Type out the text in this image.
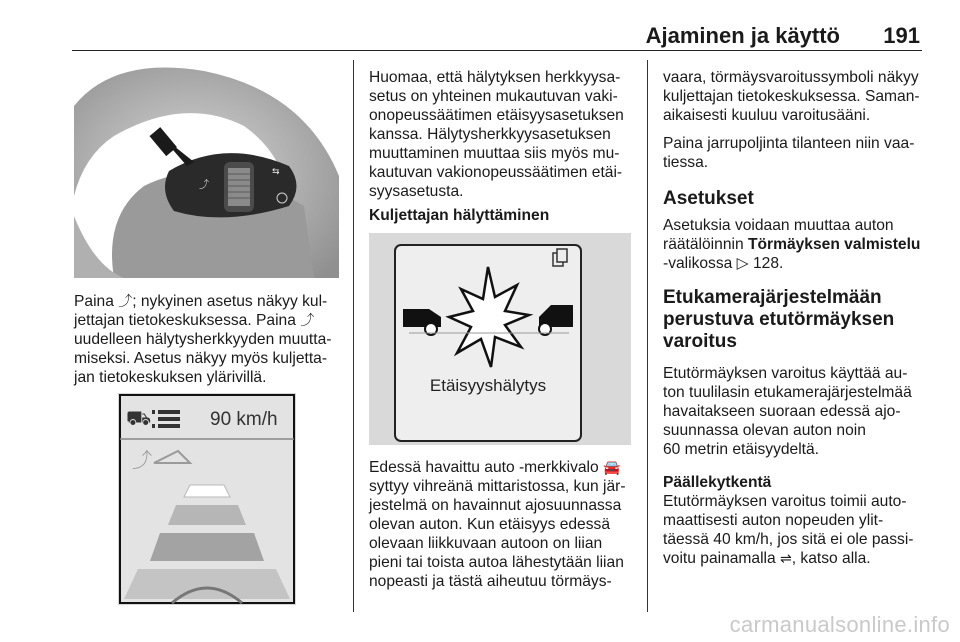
Ajaminen ja käyttö 191
⤴
⇆

Paina ⤴; nykyinen asetus näkyy kul-jettajan tietokeskuksessa. Paina ⤴ uudelleen hälytysherkkyyden muutta-miseksi. Asetus näkyy myös kuljetta-jan tietokeskuksen ylärivillä.

⛟	90 km/h
⤴

Huomaa, että hälytyksen herkkyysa-setus on yhteinen mukautuvan vaki-onopeussäätimen etäisyysasetuksen kanssa. Hälytysherkkyysasetuksen muuttaminen muuttaa siis myös mu-kautuvan vakionopeussäätimen etäi-syysasetusta.

Kuljettajan hälyttäminen

Etäisyyshälytys

Edessä havaittu auto -merkkivalo 🚘 syttyy vihreänä mittaristossa, kun jär-jestelmä on havainnut ajosuunnassa olevan auton. Kun etäisyys edessä olevaan liikkuvaan autoon on liian pieni tai toista autoa lähestytään liian nopeasti ja tästä aiheutuu törmäys-

vaara, törmäysvaroitussymboli näkyy kuljettajan tietokeskuksessa. Saman-aikaisesti kuuluu varoitusääni.

Paina jarrupoljinta tilanteen niin vaa-tiessa.

Asetukset

Asetuksia voidaan muuttaa auton räätälöinnin Törmäyksen valmistelu -valikossa ▷ 128.

Etukamerajärjestelmään perustuva etutörmäyksen varoitus

Etutörmäyksen varoitus käyttää au-ton tuulilasin etukamerajärjestelmää havaitakseen suoraan edessä ajo-suunnassa olevan auton noin
60 metrin etäisyydeltä.

Päällekytkentä

Etutörmäyksen varoitus toimii auto-maattisesti auton nopeuden ylit-täessä 40 km/h, jos sitä ei ole passi-voitu painamalla ⇌, katso alla.

carmanualsonline.info
